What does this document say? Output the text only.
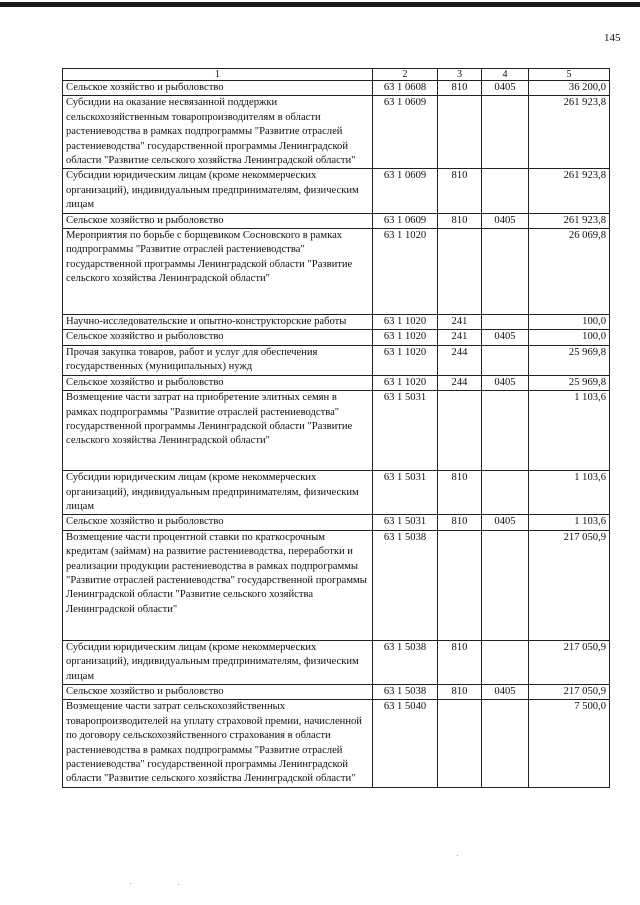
145
1	2	3	4	5
Сельское хозяйство и рыболовство	63 1 0608	810	0405	36 200,0
Субсидии на оказание несвязанной поддержки сельскохозяйственным товаропроизводителям в области растениеводства в рамках подпрограммы "Развитие отраслей растениеводства" государственной программы Ленинградской области "Развитие сельского хозяйства Ленинградской области"	63 1 0609			261 923,8
Субсидии юридическим лицам (кроме некоммерческих организаций), индивидуальным предпринимателям, физическим лицам	63 1 0609	810		261 923,8
Сельское хозяйство и рыболовство	63 1 0609	810	0405	261 923,8
Мероприятия по борьбе с борщевиком Сосновского в рамках подпрограммы "Развитие отраслей растениеводства" государственной программы Ленинградской области "Развитие сельского хозяйства Ленинградской области"	63 1 1020			26 069,8
Научно-исследовательские и опытно-конструкторские работы	63 1 1020	241		100,0
Сельское хозяйство и рыболовство	63 1 1020	241	0405	100,0
Прочая закупка товаров, работ и услуг для обеспечения государственных (муниципальных) нужд	63 1 1020	244		25 969,8
Сельское хозяйство и рыболовство	63 1 1020	244	0405	25 969,8
Возмещение части затрат на приобретение элитных семян в рамках подпрограммы "Развитие отраслей растениеводства" государственной программы Ленинградской области "Развитие сельского хозяйства Ленинградской области"	63 1 5031			1 103,6
Субсидии юридическим лицам (кроме некоммерческих организаций), индивидуальным предпринимателям, физическим лицам	63 1 5031	810		1 103,6
Сельское хозяйство и рыболовство	63 1 5031	810	0405	1 103,6
Возмещение части процентной ставки по краткосрочным кредитам (займам) на развитие растениеводства, переработки и реализации продукции растениеводства в рамках подпрограммы "Развитие отраслей растениеводства" государственной программы Ленинградской области "Развитие сельского хозяйства Ленинградской области"	63 1 5038			217 050,9
Субсидии юридическим лицам (кроме некоммерческих организаций), индивидуальным предпринимателям, физическим лицам	63 1 5038	810		217 050,9
Сельское хозяйство и рыболовство	63 1 5038	810	0405	217 050,9
Возмещение части затрат сельскохозяйственных товаропроизводителей на уплату страховой премии, начисленной по договору сельскохозяйственного страхования в области растениеводства в рамках подпрограммы "Развитие отраслей растениеводства" государственной программы Ленинградской области "Развитие сельского хозяйства Ленинградской области"	63 1 5040			7 500,0
